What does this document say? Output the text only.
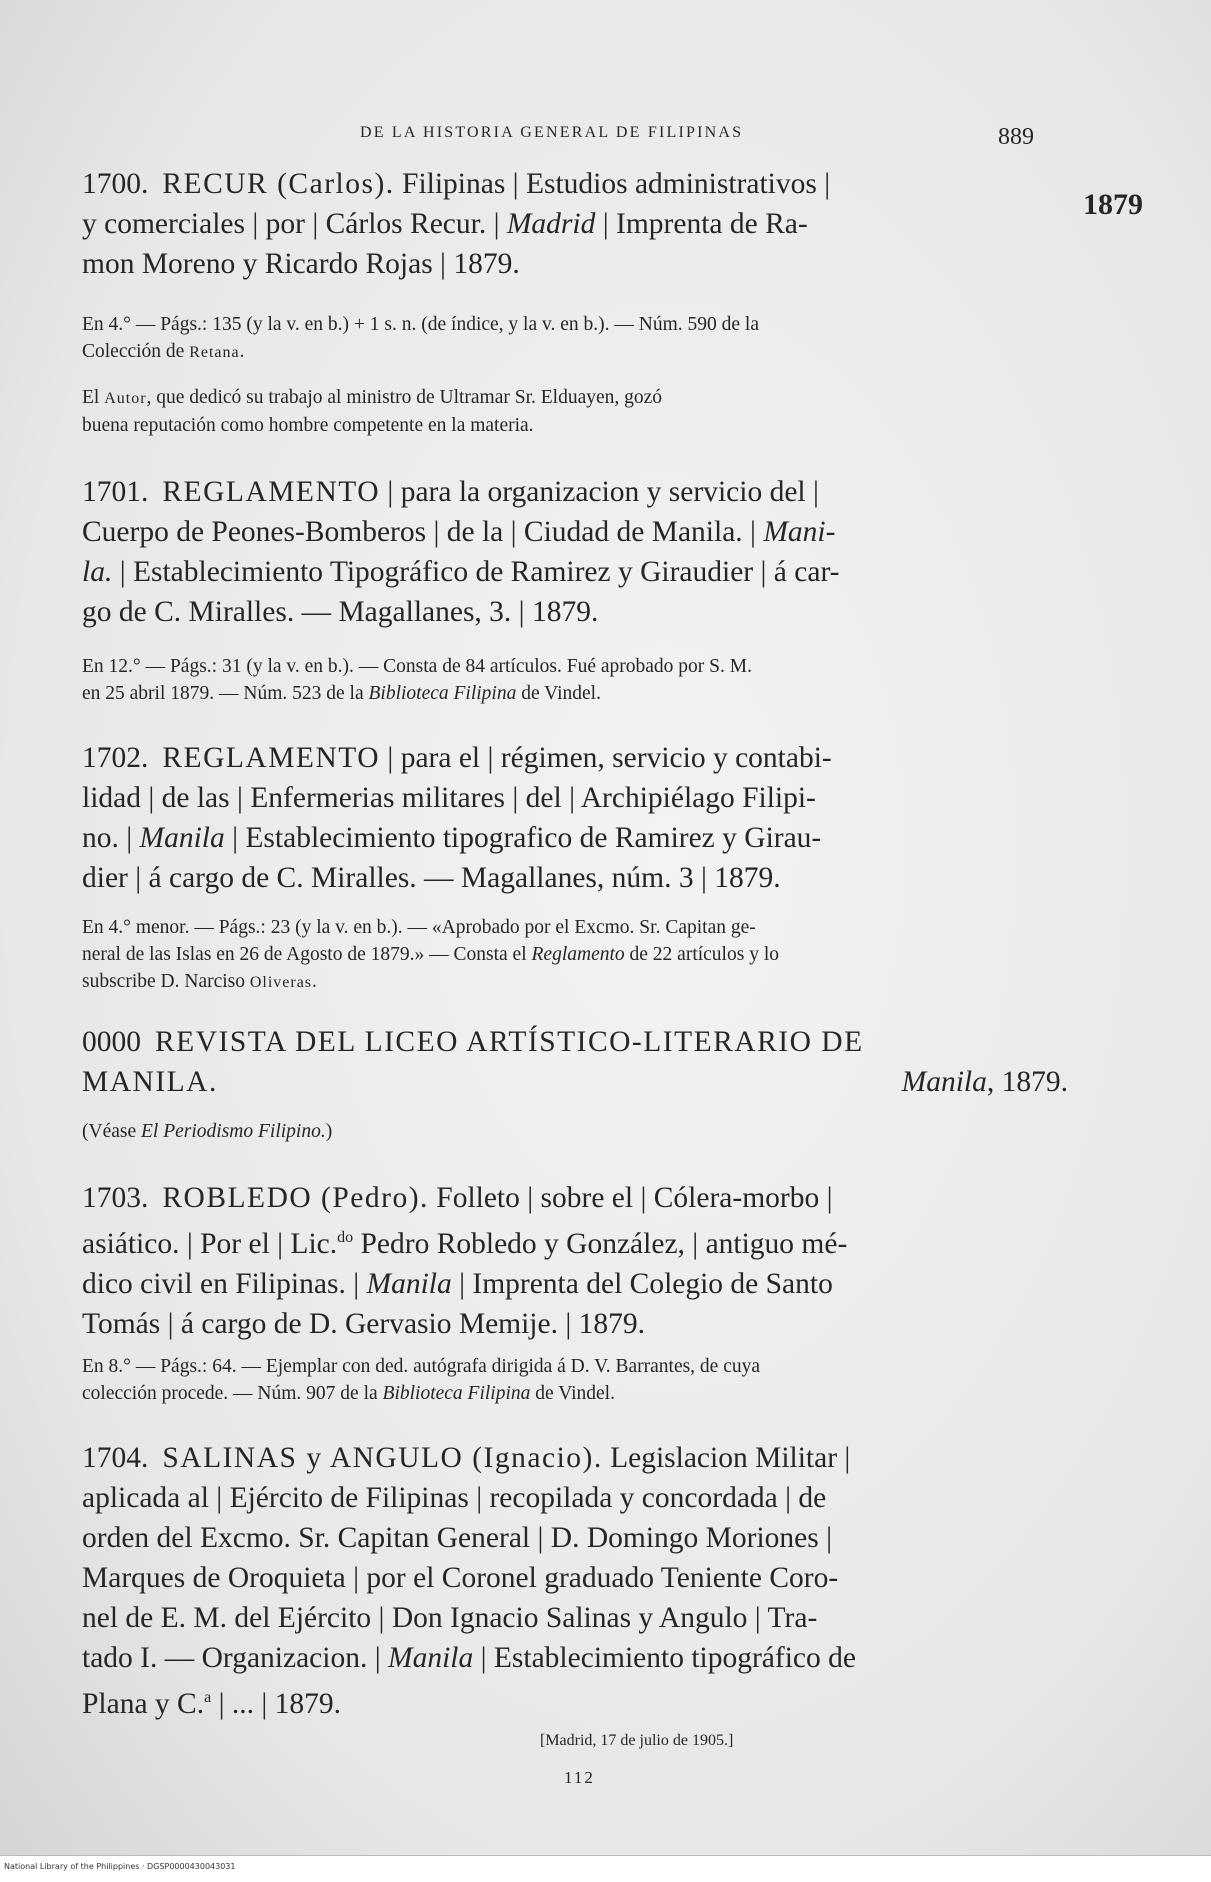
DE LA HISTORIA GENERAL DE FILIPINAS	889
1879
1700. RECUR (Carlos). Filipinas | Estudios administrativos |
y comerciales | por | Cárlos Recur. | Madrid | Imprenta de Ra-
mon Moreno y Ricardo Rojas | 1879.
En 4.° — Págs.: 135 (y la v. en b.) + 1 s. n. (de índice, y la v. en b.). — Núm. 590 de la
Colección de Retana.
El Autor, que dedicó su trabajo al ministro de Ultramar Sr. Elduayen, gozó
buena reputación como hombre competente en la materia.
1701. REGLAMENTO | para la organizacion y servicio del |
Cuerpo de Peones-Bomberos | de la | Ciudad de Manila. | Mani-
la. | Establecimiento Tipográfico de Ramirez y Giraudier | á car-
go de C. Miralles. — Magallanes, 3. | 1879.
En 12.° — Págs.: 31 (y la v. en b.). — Consta de 84 artículos. Fué aprobado por S. M.
en 25 abril 1879. — Núm. 523 de la Biblioteca Filipina de Vindel.
1702. REGLAMENTO | para el | régimen, servicio y contabi-
lidad | de las | Enfermerias militares | del | Archipiélago Filipi-
no. | Manila | Establecimiento tipografico de Ramirez y Girau-
dier | á cargo de C. Miralles. — Magallanes, núm. 3 | 1879.
En 4.° menor. — Págs.: 23 (y la v. en b.). — «Aprobado por el Excmo. Sr. Capitan ge-
neral de las Islas en 26 de Agosto de 1879.» — Consta el Reglamento de 22 artículos y lo
subscribe D. Narciso Oliveras.
0000 REVISTA DEL LICEO ARTÍSTICO-LITERARIO DE
MANILA.	Manila, 1879.
(Véase El Periodismo Filipino.)
1703. ROBLEDO (Pedro). Folleto | sobre el | Cólera-morbo |
asiático. | Por el | Lic.$^{do}$ Pedro Robledo y González, | antiguo mé-
dico civil en Filipinas. | Manila | Imprenta del Colegio de Santo
Tomás | á cargo de D. Gervasio Memije. | 1879.
En 8.° — Págs.: 64. — Ejemplar con ded. autógrafa dirigida á D. V. Barrantes, de cuya
colección procede. — Núm. 907 de la Biblioteca Filipina de Vindel.
1704. SALINAS y ANGULO (Ignacio). Legislacion Militar |
aplicada al | Ejército de Filipinas | recopilada y concordada | de
orden del Excmo. Sr. Capitan General | D. Domingo Moriones |
Marques de Oroquieta | por el Coronel graduado Teniente Coro-
nel de E. M. del Ejército | Don Ignacio Salinas y Angulo | Tra-
tado I. — Organizacion. | Manila | Establecimiento tipográfico de
Plana y C.$^a$ | ... | 1879.
[Madrid, 17 de julio de 1905.]
112
National Library of the Philippines · DGSP0000430043031
